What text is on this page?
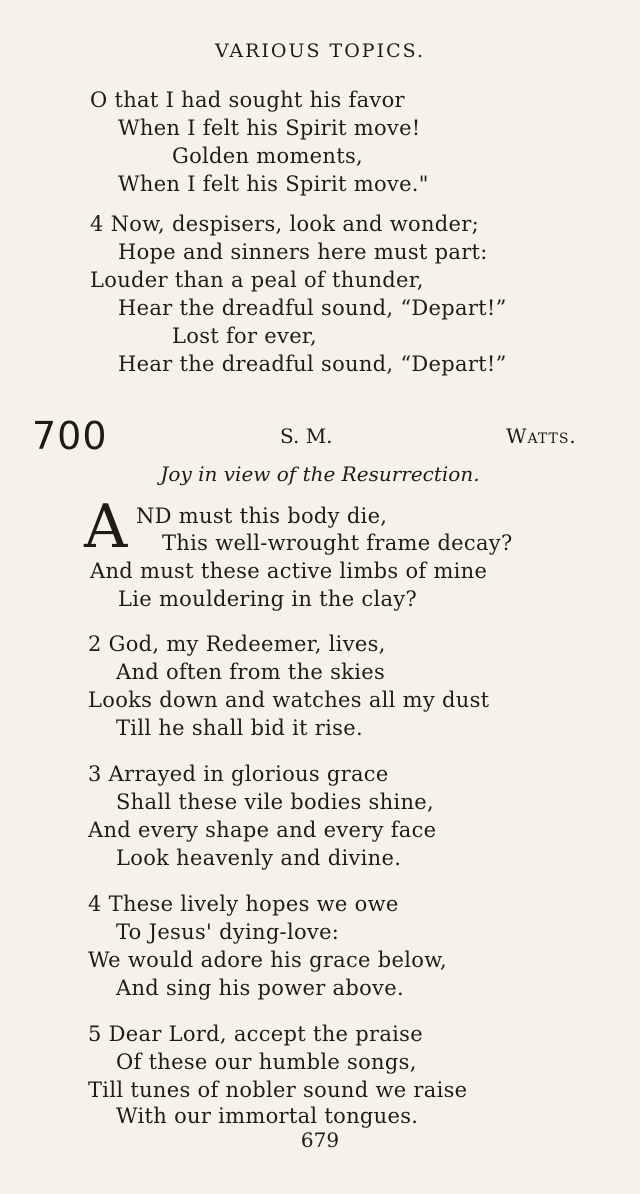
VARIOUS TOPICS.
O that I had sought his favor
When I felt his Spirit move!
Golden moments,
When I felt his Spirit move."
4 Now, despisers, look and wonder;
Hope and sinners here must part:
Louder than a peal of thunder,
Hear the dreadful sound, “Depart!”
Lost for ever,
Hear the dreadful sound, “Depart!”
700	S. M.	Watts.
Joy in view of the Resurrection.
A ND must this body die,
This well-wrought frame decay?
And must these active limbs of mine
Lie mouldering in the clay?
2 God, my Redeemer, lives,
And often from the skies
Looks down and watches all my dust
Till he shall bid it rise.
3 Arrayed in glorious grace
Shall these vile bodies shine,
And every shape and every face
Look heavenly and divine.
4 These lively hopes we owe
To Jesus' dying-love:
We would adore his grace below,
And sing his power above.
5 Dear Lord, accept the praise
Of these our humble songs,
Till tunes of nobler sound we raise
With our immortal tongues.
679
